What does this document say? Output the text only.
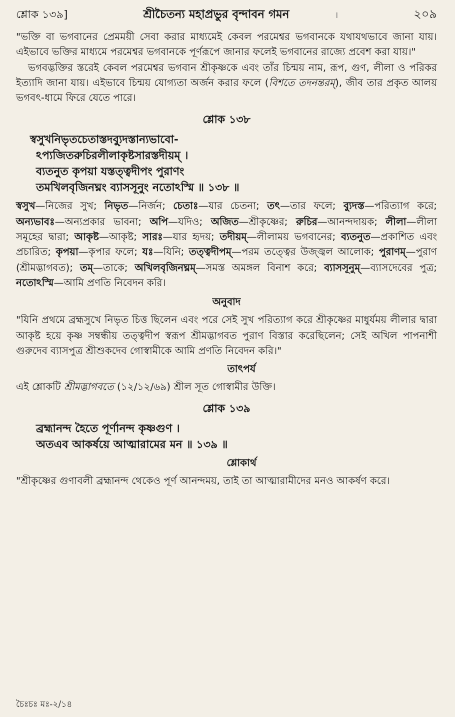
শ্লোক ১৩৯]	শ্রীচৈতন্য মহাপ্রভুর বৃন্দাবন গমন	।	২০৯

"ভক্তি বা ভগবানের প্রেমময়ী সেবা করার মাধ্যমেই কেবল পরমেশ্বর ভগবানকে যথাযথভাবে জানা যায়। এইভাবে ভক্তির মাধ্যমে পরমেশ্বর ভগবানকে পূর্ণরূপে জানার ফলেই ভগবানের রাজ্যে প্রবেশ করা যায়।"

ভগবদ্ভক্তির স্তরেই কেবল পরমেশ্বর ভগবান শ্রীকৃষ্ণকে এবং তাঁর চিন্ময় নাম, রূপ, গুণ, লীলা ও পরিকর ইত্যাদি জানা যায়। এইভাবে চিন্ময় যোগ্যতা অর্জন করার ফলে (বিশতে তদনন্তরম্), জীব তার প্রকৃত আলয় ভগবৎ-ধামে ফিরে যেতে পারে।

শ্লোক ১৩৮
স্বসুখনিভৃতচেতাস্তদ্ব্যুদস্তান্যভাবো-
ঽপ্যজিতরুচিরলীলাকৃষ্টসারস্তদীয়ম্ ।
ব্যতনুত কৃপয়া যস্তত্ত্বদীপং পুরাণং
তমখিলবৃজিনঘ্নং ব্যাসসূনুং নতোঽস্মি ॥ ১৩৮ ॥
স্বসুখ—নিজের সুখ; নিভৃত—নির্জন; চেতাঃ—যার চেতনা; তৎ—তার ফলে; ব্যুদস্ত—পরিত্যাগ করে; অন্যভাবঃ—অন্যপ্রকার ভাবনা; অপি—যদিও; অজিত—শ্রীকৃষ্ণের; রুচির—আনন্দদায়ক; লীলা—লীলা সমূহের দ্বারা; আকৃষ্ট—আকৃষ্ট; সারঃ—যার হৃদয়; তদীয়ম্—লীলাময় ভগবানের; ব্যতনুত—প্রকাশিত এবং প্রচারিত; কৃপয়া—কৃপার ফলে; যঃ—যিনি; তত্ত্বদীপম্—পরম তত্ত্বের উজ্জ্বল আলোক; পুরাণম্—পুরাণ (শ্রীমদ্ভাগবত); তম্—তাকে; অখিলবৃজিনঘ্নম্—সমস্ত অমঙ্গল বিনাশ করে; ব্যাসসূনুম্—ব্যাসদেবের পুত্র; নতোঽস্মি—আমি প্রণতি নিবেদন করি।
অনুবাদ

"যিনি প্রথমে ব্রহ্মসুখে নিভৃত চিত্ত ছিলেন এবং পরে সেই সুখ পরিত্যাগ করে শ্রীকৃষ্ণের মাধুর্যময় লীলার দ্বারা আকৃষ্ট হয়ে কৃষ্ণ সম্বন্ধীয় তত্ত্বদীপ স্বরূপ শ্রীমদ্ভাগবত পুরাণ বিস্তার করেছিলেন; সেই অখিল পাপনাশী গুরুদেব ব্যাসপুত্র শ্রীশুকদেব গোস্বামীকে আমি প্রণতি নিবেদন করি।"

তাৎপর্য

এই শ্লোকটি শ্রীমদ্ভাগবতে (১২/১২/৬৯) শ্রীল সূত গোস্বামীর উক্তি।

শ্লোক ১৩৯
ব্রহ্মানন্দ হৈতে পূর্ণানন্দ কৃষ্ণগুণ ।
অতএব আকর্ষয়ে আত্মারামের মন ॥ ১৩৯ ॥
শ্লোকার্থ

"শ্রীকৃষ্ণের গুণাবলী ব্রহ্মানন্দ থেকেও পূর্ণ আনন্দময়, তাই তা আত্মারামীদের মনও আকর্ষণ করে।

চৈঃচঃ মঃ-২/১৪
